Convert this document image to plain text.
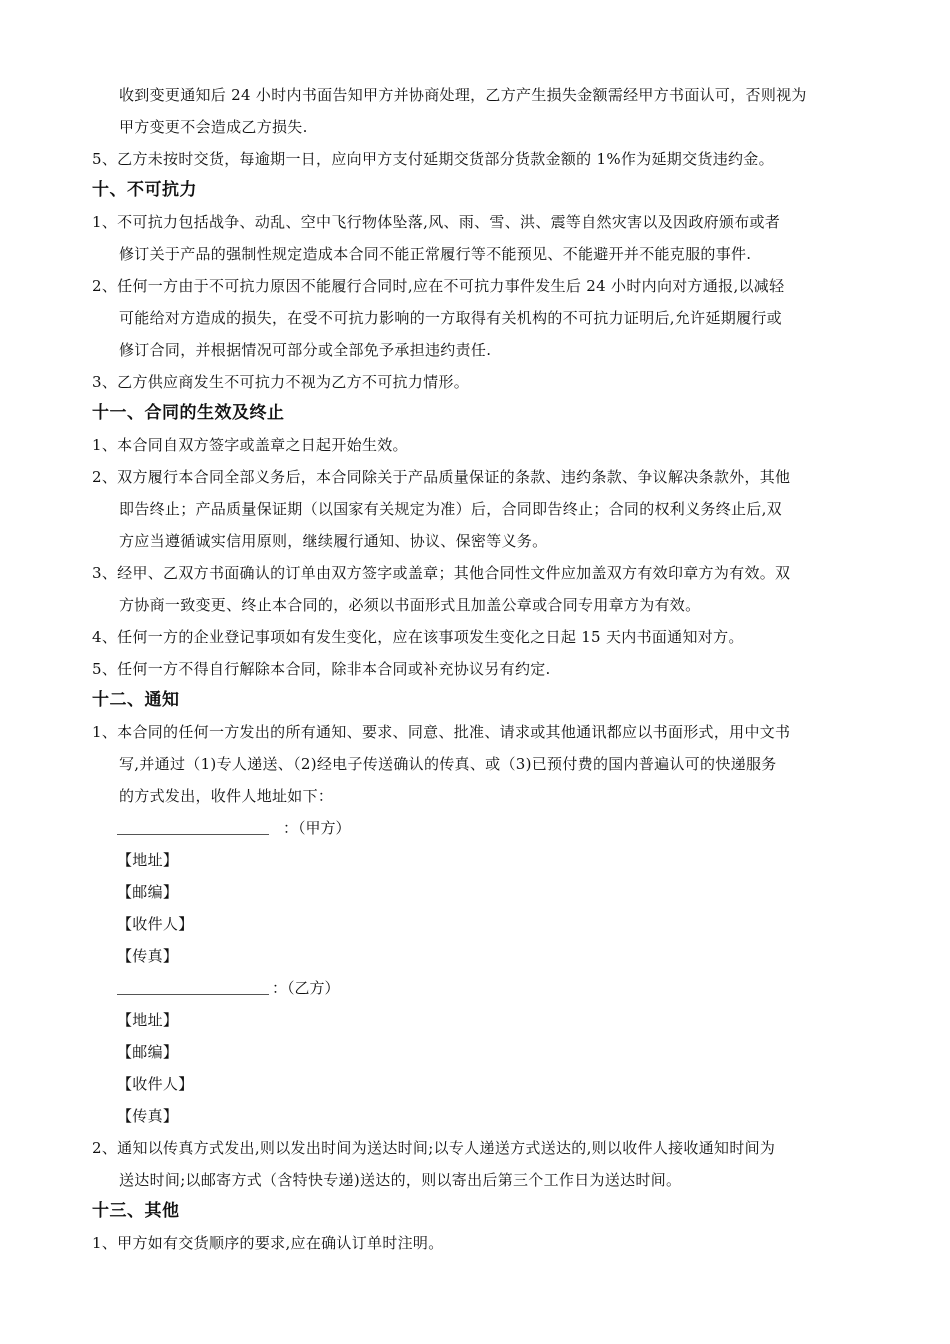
收到变更通知后 24 小时内书面告知甲方并协商处理，乙方产生损失金额需经甲方书面认可，否则视为
甲方变更不会造成乙方损失.
5、乙方未按时交货，每逾期一日，应向甲方支付延期交货部分货款金额的 1%作为延期交货违约金。
十、不可抗力
1、不可抗力包括战争、动乱、空中飞行物体坠落,风、雨、雪、洪、震等自然灾害以及因政府颁布或者
修订关于产品的强制性规定造成本合同不能正常履行等不能预见、不能避开并不能克服的事件.
2、任何一方由于不可抗力原因不能履行合同时,应在不可抗力事件发生后 24 小时内向对方通报,以减轻
可能给对方造成的损失，在受不可抗力影响的一方取得有关机构的不可抗力证明后,允许延期履行或
修订合同，并根据情况可部分或全部免予承担违约责任.
3、乙方供应商发生不可抗力不视为乙方不可抗力情形。
十一、合同的生效及终止
1、本合同自双方签字或盖章之日起开始生效。
2、双方履行本合同全部义务后，本合同除关于产品质量保证的条款、违约条款、争议解决条款外，其他
即告终止；产品质量保证期（以国家有关规定为准）后，合同即告终止；合同的权利义务终止后,双
方应当遵循诚实信用原则，继续履行通知、协议、保密等义务。
3、经甲、乙双方书面确认的订单由双方签字或盖章；其他合同性文件应加盖双方有效印章方为有效。双
方协商一致变更、终止本合同的，必须以书面形式且加盖公章或合同专用章方为有效。
4、任何一方的企业登记事项如有发生变化，应在该事项发生变化之日起 15 天内书面通知对方。
5、任何一方不得自行解除本合同，除非本合同或补充协议另有约定.
十二、通知
1、本合同的任何一方发出的所有通知、要求、同意、批准、请求或其他通讯都应以书面形式，用中文书
写,并通过（1)专人递送、（2)经电子传送确认的传真、或（3)已预付费的国内普遍认可的快递服务
的方式发出，收件人地址如下：
：（甲方）
【地址】
【邮编】
【收件人】
【传真】
：（乙方）
【地址】
【邮编】
【收件人】
【传真】
2、通知以传真方式发出,则以发出时间为送达时间;以专人递送方式送达的,则以收件人接收通知时间为
送达时间;以邮寄方式（含特快专递)送达的，则以寄出后第三个工作日为送达时间。
十三、其他
1、甲方如有交货顺序的要求,应在确认订单时注明。
